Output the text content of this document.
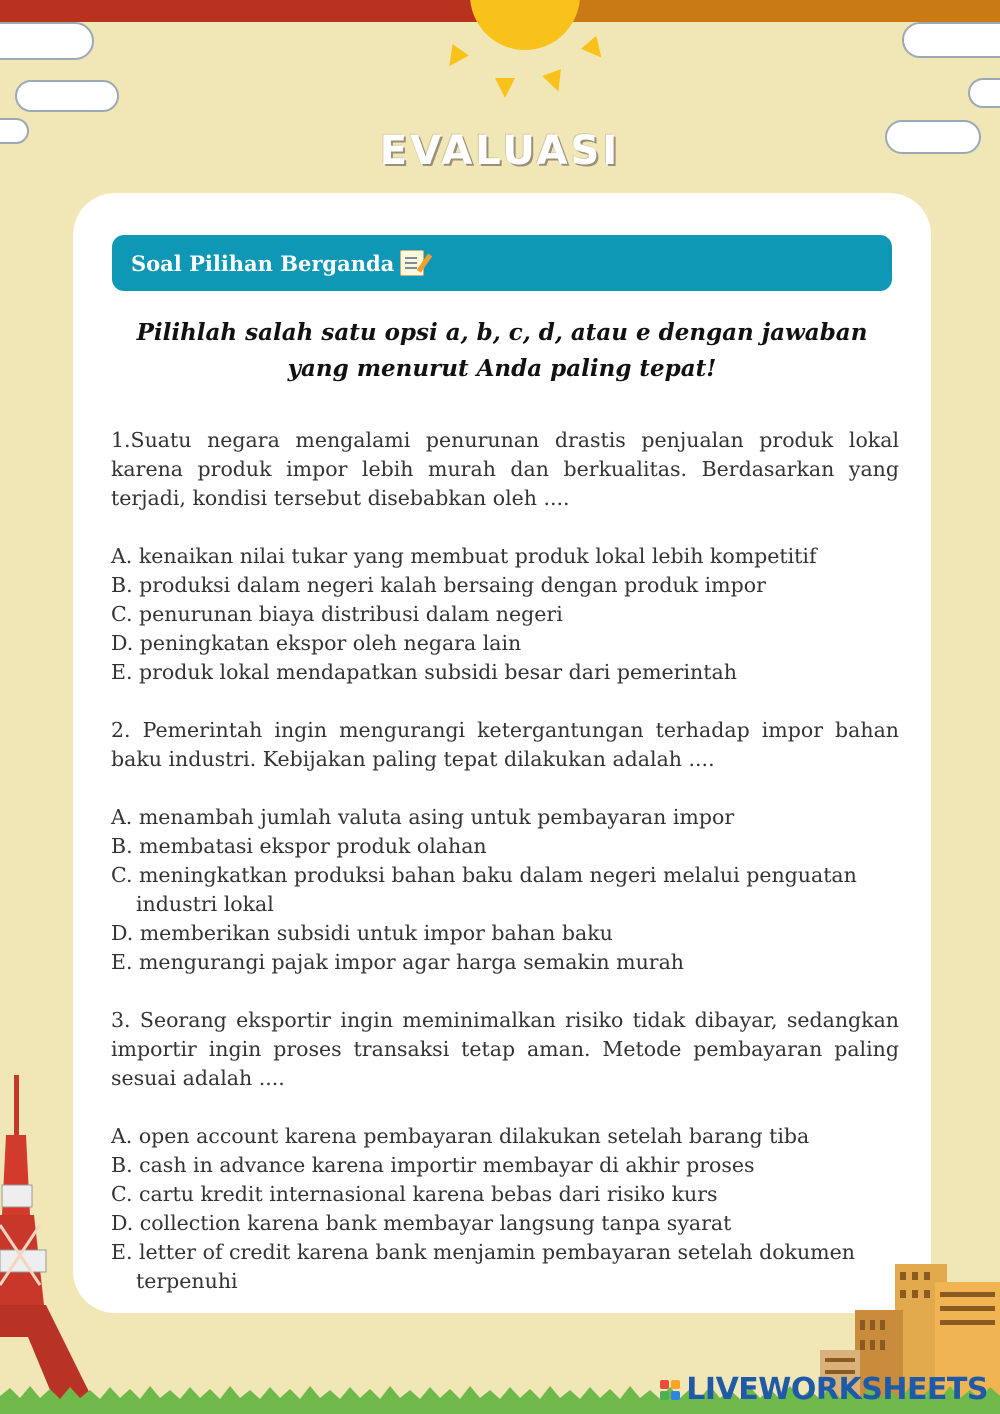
EVALUASI
Soal Pilihan Berganda
Pilihlah salah satu opsi a, b, c, d, atau e dengan jawaban yang menurut Anda paling tepat!

1.Suatu negara mengalami penurunan drastis penjualan produk lokal karena produk impor lebih murah dan berkualitas. Berdasarkan yang terjadi, kondisi tersebut disebabkan oleh ....

A. kenaikan nilai tukar yang membuat produk lokal lebih kompetitif
B. produksi dalam negeri kalah bersaing dengan produk impor
C. penurunan biaya distribusi dalam negeri
D. peningkatan ekspor oleh negara lain
E. produk lokal mendapatkan subsidi besar dari pemerintah

2. Pemerintah ingin mengurangi ketergantungan terhadap impor bahan baku industri. Kebijakan paling tepat dilakukan adalah ....

A. menambah jumlah valuta asing untuk pembayaran impor
B. membatasi ekspor produk olahan
C. meningkatkan produksi bahan baku dalam negeri melalui penguatan industri lokal
D. memberikan subsidi untuk impor bahan baku
E. mengurangi pajak impor agar harga semakin murah

3. Seorang eksportir ingin meminimalkan risiko tidak dibayar, sedangkan importir ingin proses transaksi tetap aman. Metode pembayaran paling sesuai adalah ....

A. open account karena pembayaran dilakukan setelah barang tiba
B. cash in advance karena importir membayar di akhir proses
C. cartu kredit internasional karena bebas dari risiko kurs
D. collection karena bank membayar langsung tanpa syarat
E. letter of credit karena bank menjamin pembayaran setelah dokumen terpenuhi
LIVEWORKSHEETS
